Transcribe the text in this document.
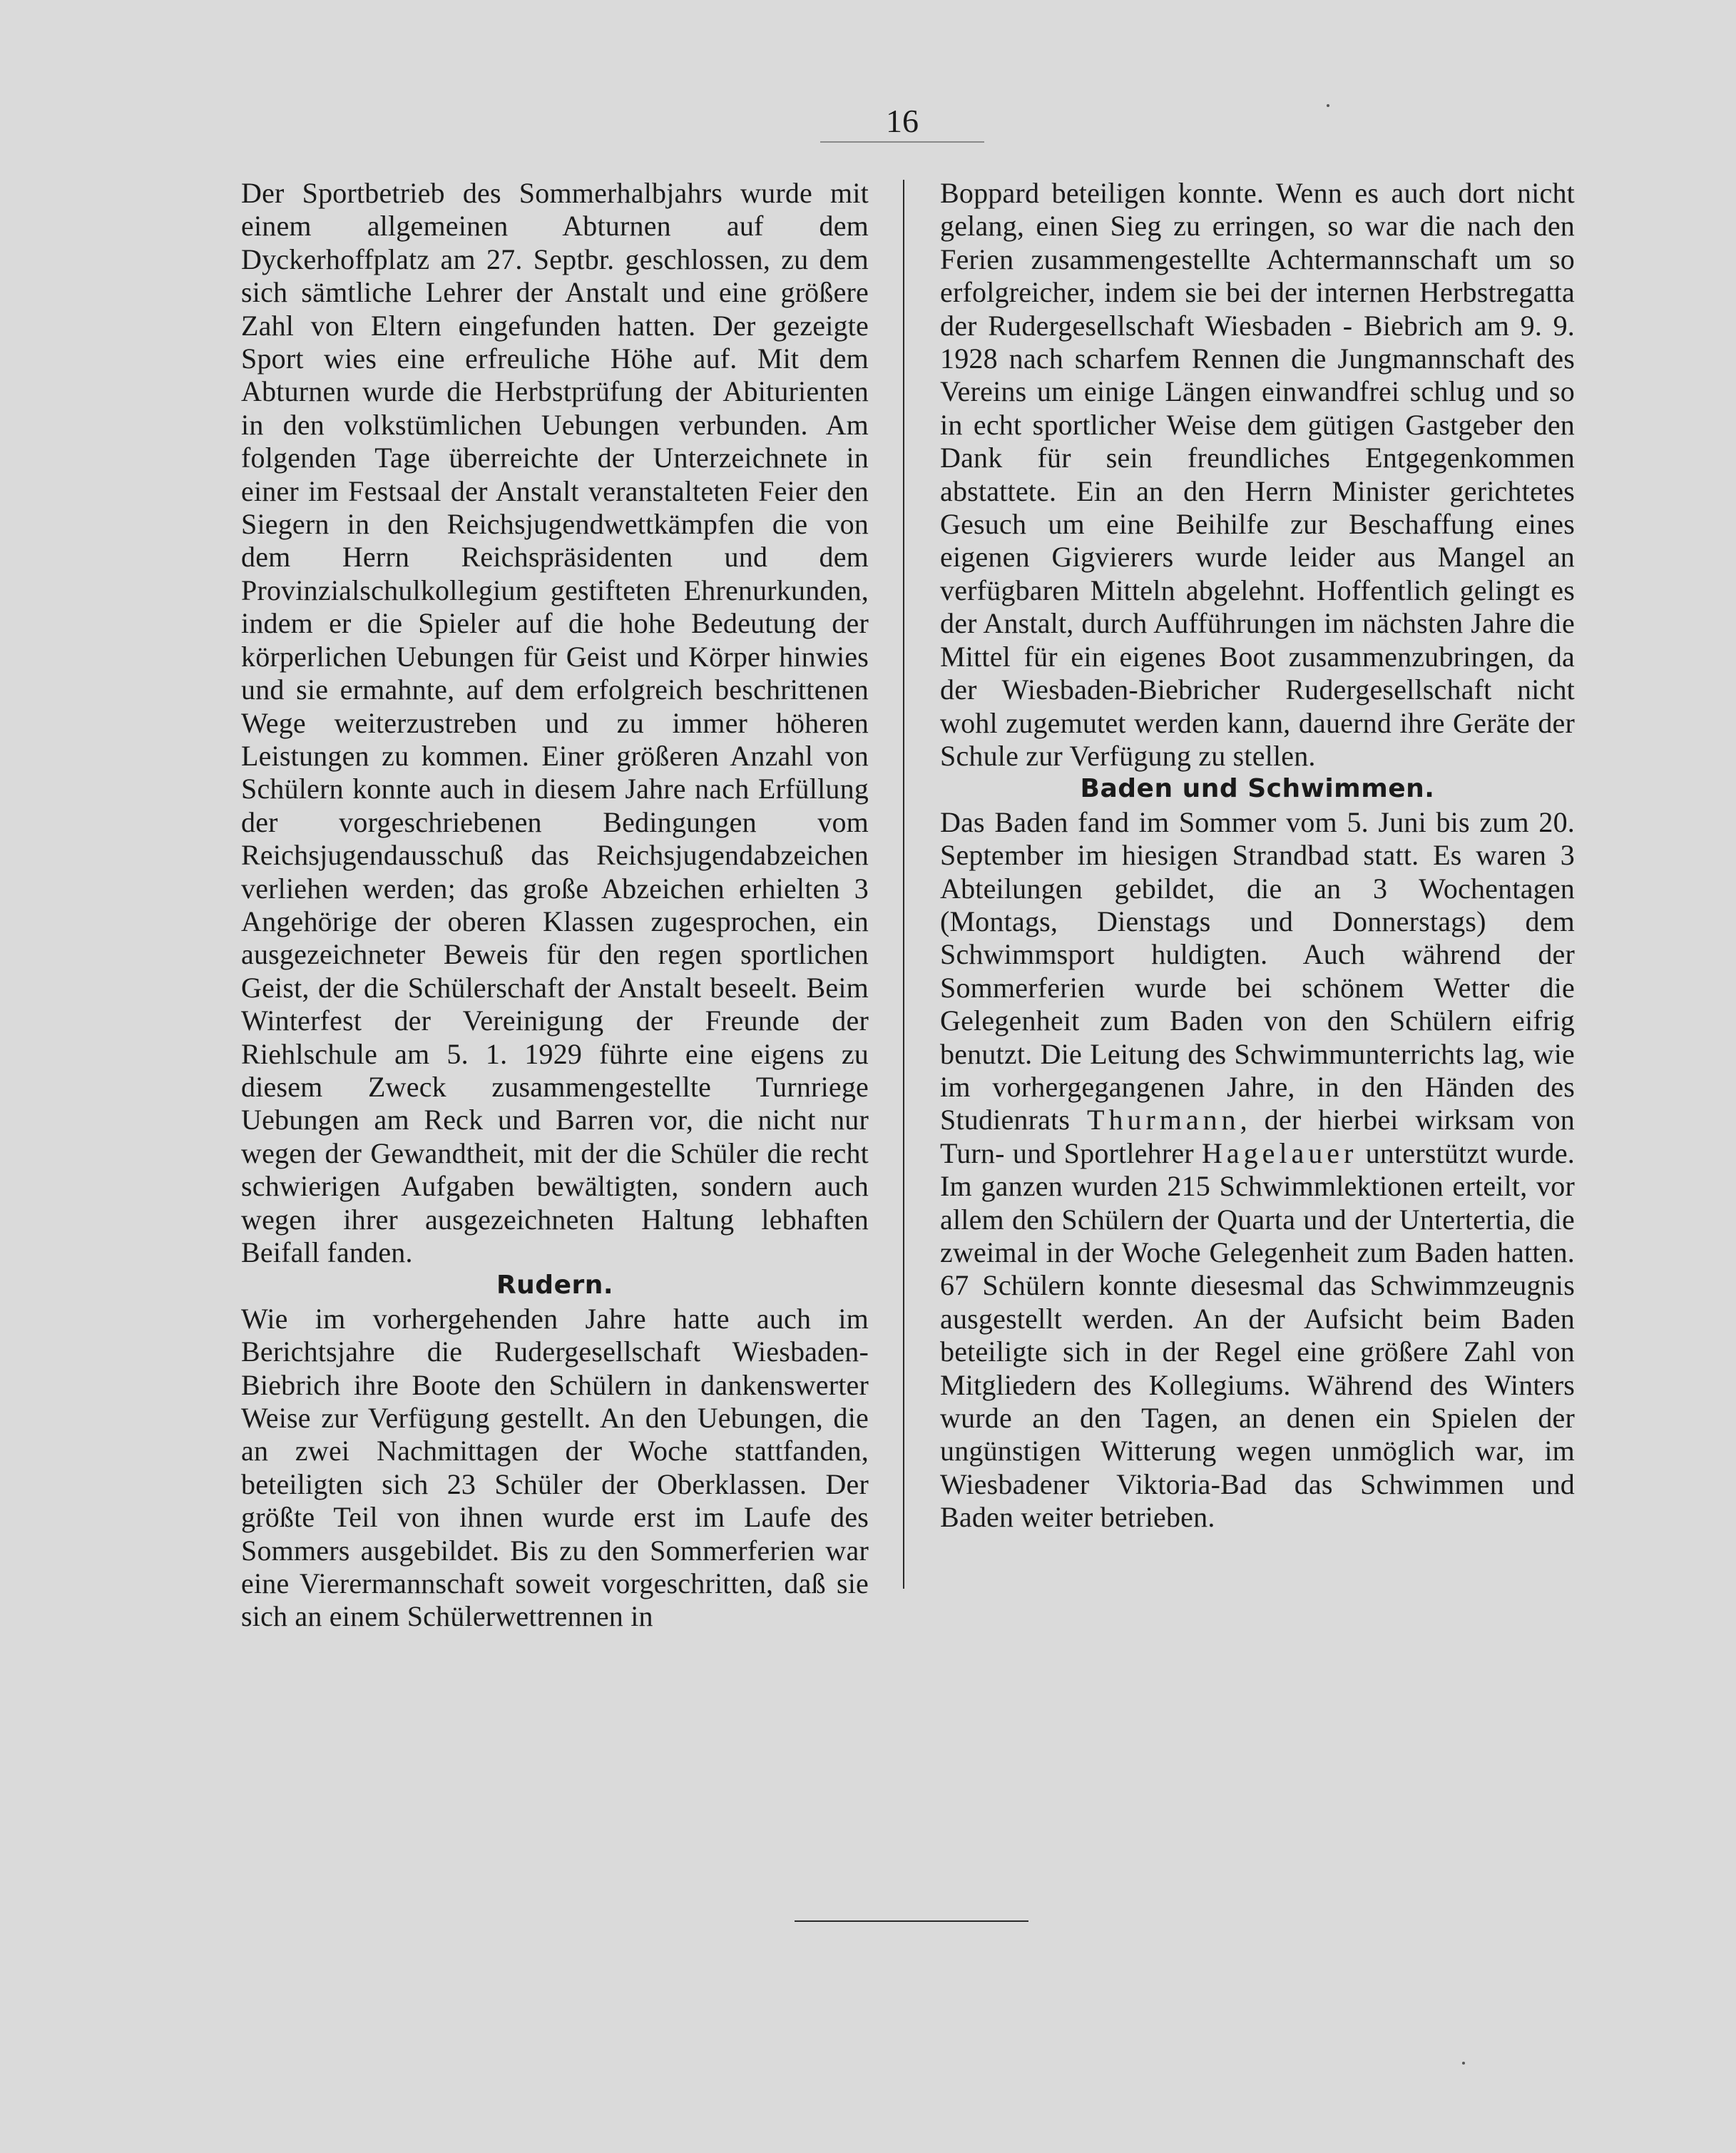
16

Der Sportbetrieb des Sommerhalbjahrs wurde mit einem allgemeinen Abturnen auf dem Dyckerhoffplatz am 27. Septbr. geschlossen, zu dem sich sämtliche Lehrer der Anstalt und eine größere Zahl von Eltern eingefunden hatten. Der gezeigte Sport wies eine erfreuliche Höhe auf. Mit dem Abturnen wurde die Herbstprüfung der Abiturienten in den volkstümlichen Uebungen verbunden. Am folgenden Tage überreichte der Unterzeichnete in einer im Festsaal der Anstalt veranstalteten Feier den Siegern in den Reichsjugendwettkämpfen die von dem Herrn Reichspräsidenten und dem Provinzialschulkollegium gestifteten Ehrenurkunden, indem er die Spieler auf die hohe Bedeutung der körperlichen Uebungen für Geist und Körper hinwies und sie ermahnte, auf dem erfolgreich beschrittenen Wege weiterzustreben und zu immer höheren Leistungen zu kommen. Einer größeren Anzahl von Schülern konnte auch in diesem Jahre nach Erfüllung der vorgeschriebenen Bedingungen vom Reichsjugendausschuß das Reichsjugendabzeichen verliehen werden; das große Abzeichen erhielten 3 Angehörige der oberen Klassen zugesprochen, ein ausgezeichneter Beweis für den regen sportlichen Geist, der die Schülerschaft der Anstalt beseelt. Beim Winterfest der Vereinigung der Freunde der Riehlschule am 5. 1. 1929 führte eine eigens zu diesem Zweck zusammengestellte Turnriege Uebungen am Reck und Barren vor, die nicht nur wegen der Gewandtheit, mit der die Schüler die recht schwierigen Aufgaben bewältigten, sondern auch wegen ihrer ausgezeichneten Haltung lebhaften Beifall fanden.

Rudern.

Wie im vorhergehenden Jahre hatte auch im Berichtsjahre die Rudergesellschaft Wiesbaden-Biebrich ihre Boote den Schülern in dankenswerter Weise zur Verfügung gestellt. An den Uebungen, die an zwei Nachmittagen der Woche stattfanden, beteiligten sich 23 Schüler der Oberklassen. Der größte Teil von ihnen wurde erst im Laufe des Sommers ausgebildet. Bis zu den Sommerferien war eine Vierermannschaft soweit vorgeschritten, daß sie sich an einem Schülerwettrennen in

Boppard beteiligen konnte. Wenn es auch dort nicht gelang, einen Sieg zu erringen, so war die nach den Ferien zusammengestellte Achtermannschaft um so erfolgreicher, indem sie bei der internen Herbstregatta der Rudergesellschaft Wiesbaden - Biebrich am 9. 9. 1928 nach scharfem Rennen die Jungmannschaft des Vereins um einige Längen einwandfrei schlug und so in echt sportlicher Weise dem gütigen Gastgeber den Dank für sein freundliches Entgegenkommen abstattete. Ein an den Herrn Minister gerichtetes Gesuch um eine Beihilfe zur Beschaffung eines eigenen Gigvierers wurde leider aus Mangel an verfügbaren Mitteln abgelehnt. Hoffentlich gelingt es der Anstalt, durch Aufführungen im nächsten Jahre die Mittel für ein eigenes Boot zusammenzubringen, da der Wiesbaden-Biebricher Rudergesellschaft nicht wohl zugemutet werden kann, dauernd ihre Geräte der Schule zur Verfügung zu stellen.

Baden und Schwimmen.

Das Baden fand im Sommer vom 5. Juni bis zum 20. September im hiesigen Strandbad statt. Es waren 3 Abteilungen gebildet, die an 3 Wochentagen (Montags, Dienstags und Donnerstags) dem Schwimmsport huldigten. Auch während der Sommerferien wurde bei schönem Wetter die Gelegenheit zum Baden von den Schülern eifrig benutzt. Die Leitung des Schwimmunterrichts lag, wie im vorhergegangenen Jahre, in den Händen des Studienrats Thurmann, der hierbei wirksam von Turn- und Sportlehrer Hagelauer unterstützt wurde. Im ganzen wurden 215 Schwimmlektionen erteilt, vor allem den Schülern der Quarta und der Untertertia, die zweimal in der Woche Gelegenheit zum Baden hatten. 67 Schülern konnte diesesmal das Schwimmzeugnis ausgestellt werden. An der Aufsicht beim Baden beteiligte sich in der Regel eine größere Zahl von Mitgliedern des Kollegiums. Während des Winters wurde an den Tagen, an denen ein Spielen der ungünstigen Witterung wegen unmöglich war, im Wiesbadener Viktoria-Bad das Schwimmen und Baden weiter betrieben.
